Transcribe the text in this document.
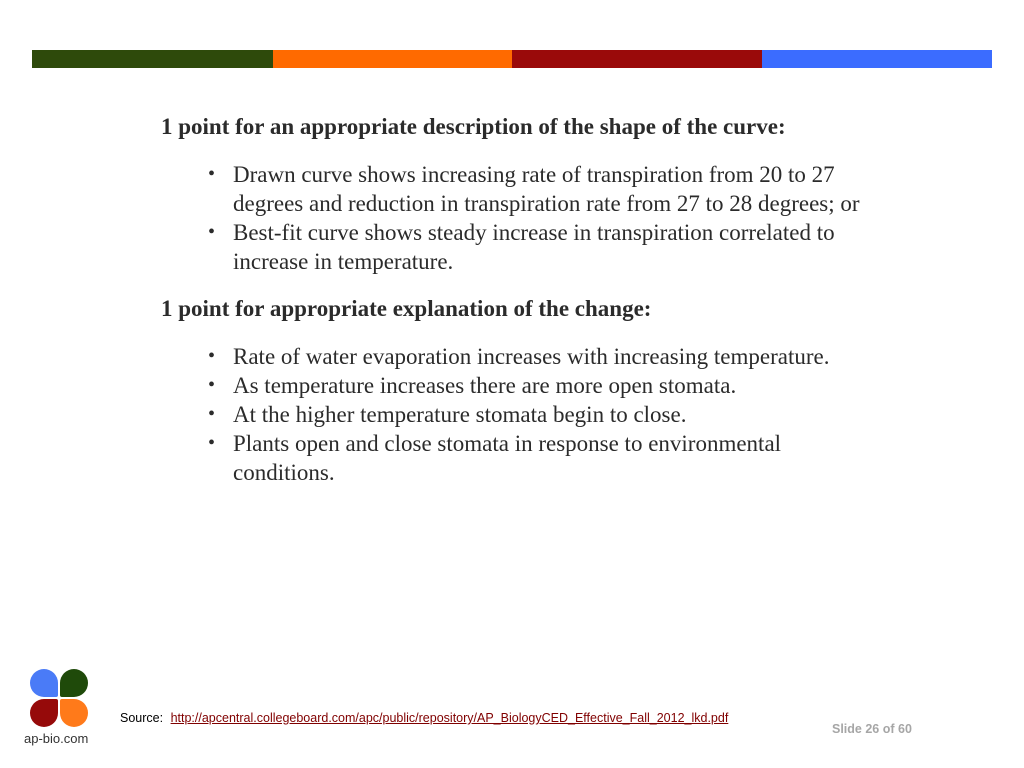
1 point for an appropriate description of the shape of the curve:

• Drawn curve shows increasing rate of transpiration from 20 to 27 degrees and reduction in transpiration rate from 27 to 28 degrees; or
• Best-fit curve shows steady increase in transpiration correlated to increase in temperature.

1 point for appropriate explanation of the change:

• Rate of water evaporation increases with increasing temperature.
• As temperature increases there are more open stomata.
• At the higher temperature stomata begin to close.
• Plants open and close stomata in response to environmental conditions.
ap-bio.com
Source: http://apcentral.collegeboard.com/apc/public/repository/AP_BiologyCED_Effective_Fall_2012_lkd.pdf
Slide 26 of 60
